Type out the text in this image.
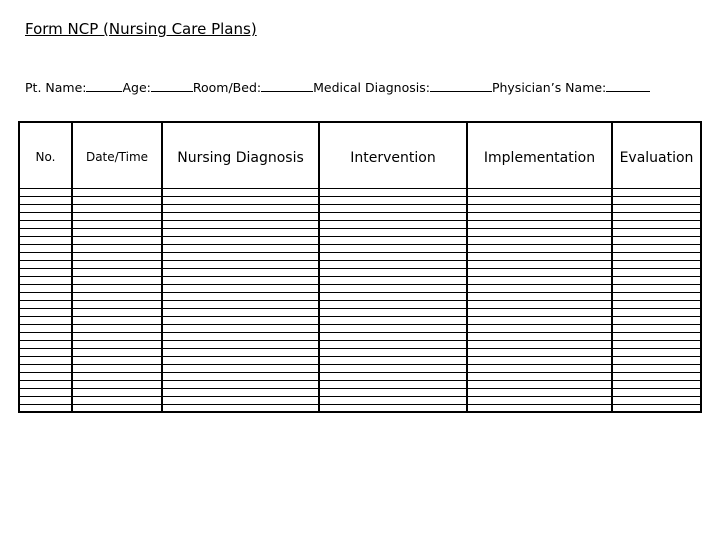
Form NCP (Nursing Care Plans)
Pt. Name:	Age:	Room/Bed:	Medical Diagnosis:	Physician’s Name:
No.	Date/Time	Nursing Diagnosis	Intervention	Implementation	Evaluation
